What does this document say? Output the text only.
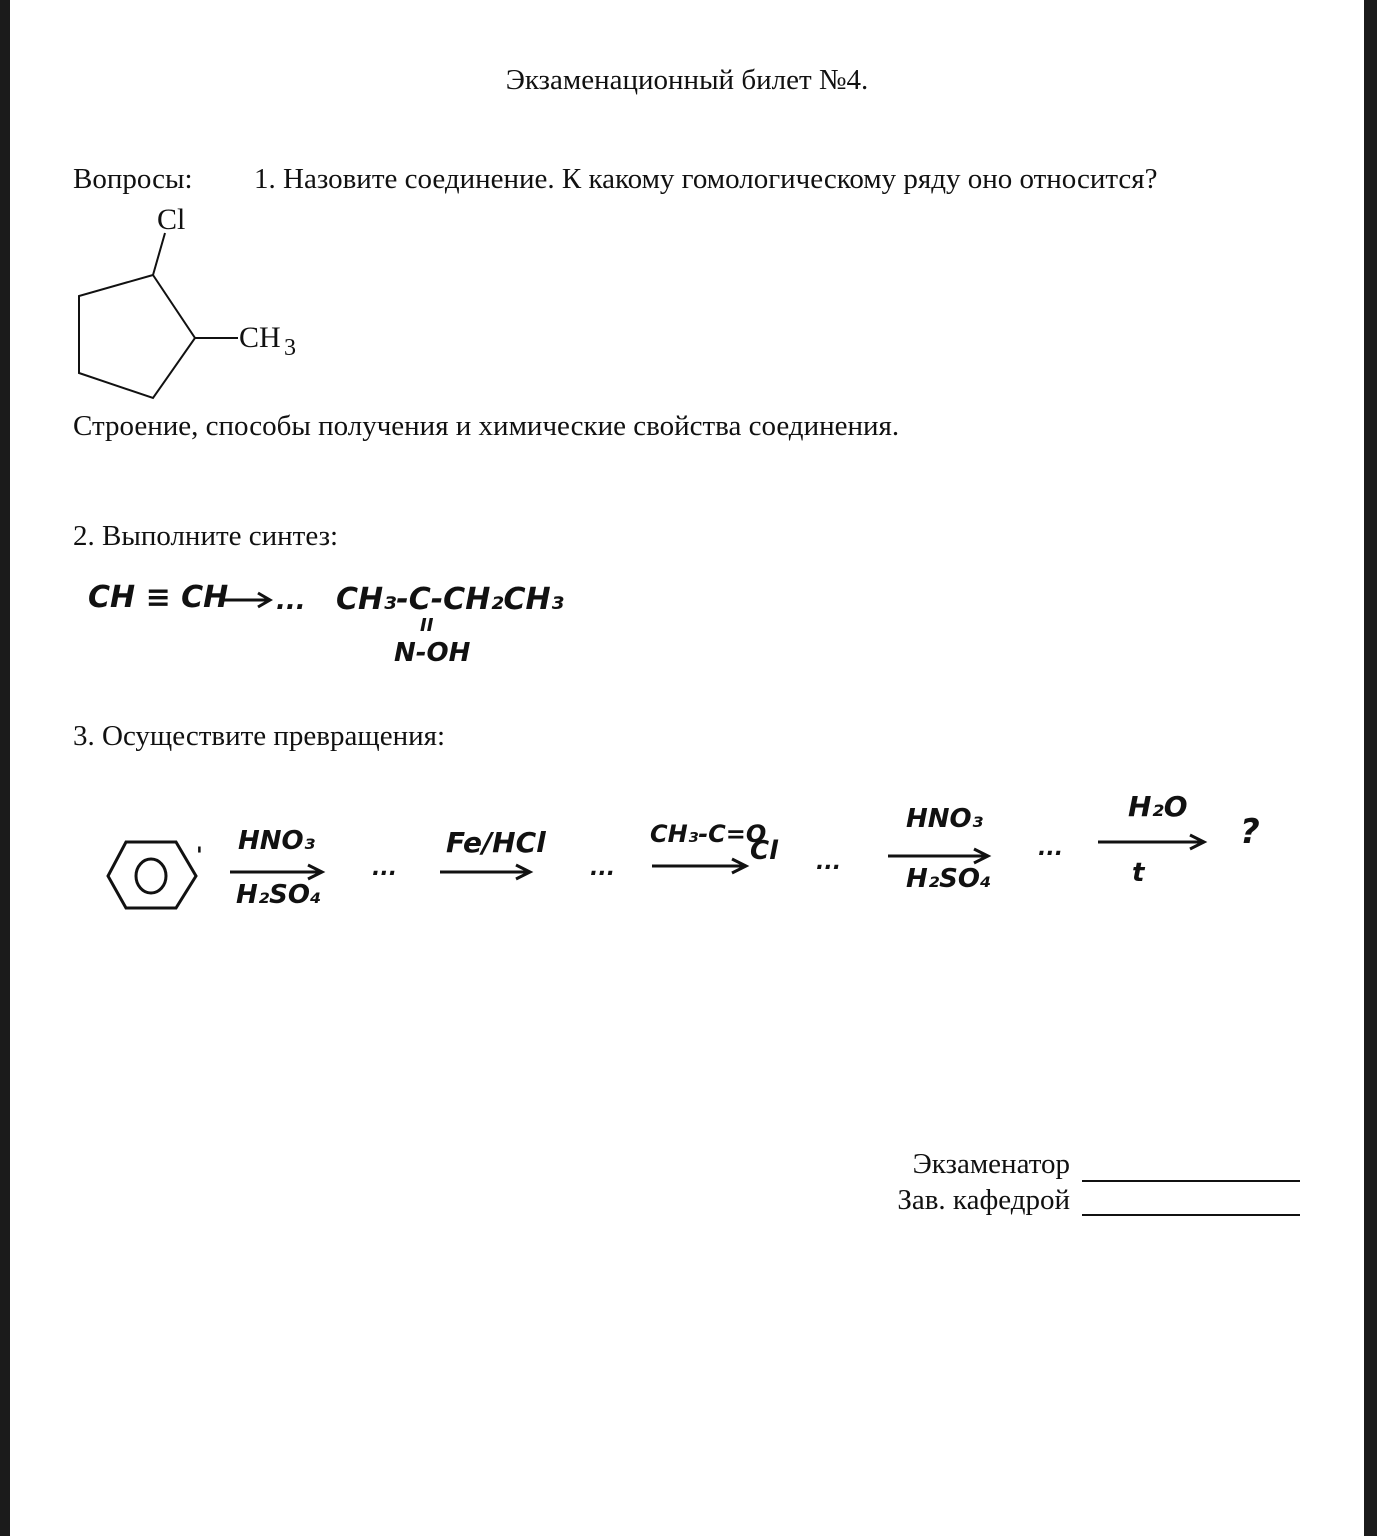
Экзаменационный билет №4.
Вопросы: 1. Назовите соединение. К какому гомологическому ряду оно относится?
Cl
CH 3
Строение, способы получения и химические свойства соединения.
2. Выполните синтез:
CH ≡ CH ... CH₃-C-CH₂CH₃
II
N-OH
3. Осуществите превращения:
'
HNO₃
H₂SO₄
...
Fe/HCl
...
CH₃-C=O
Cl ...
HNO₃
H₂SO₄
...
H₂O
t
?
Экзаменатор
Зав. кафедрой
